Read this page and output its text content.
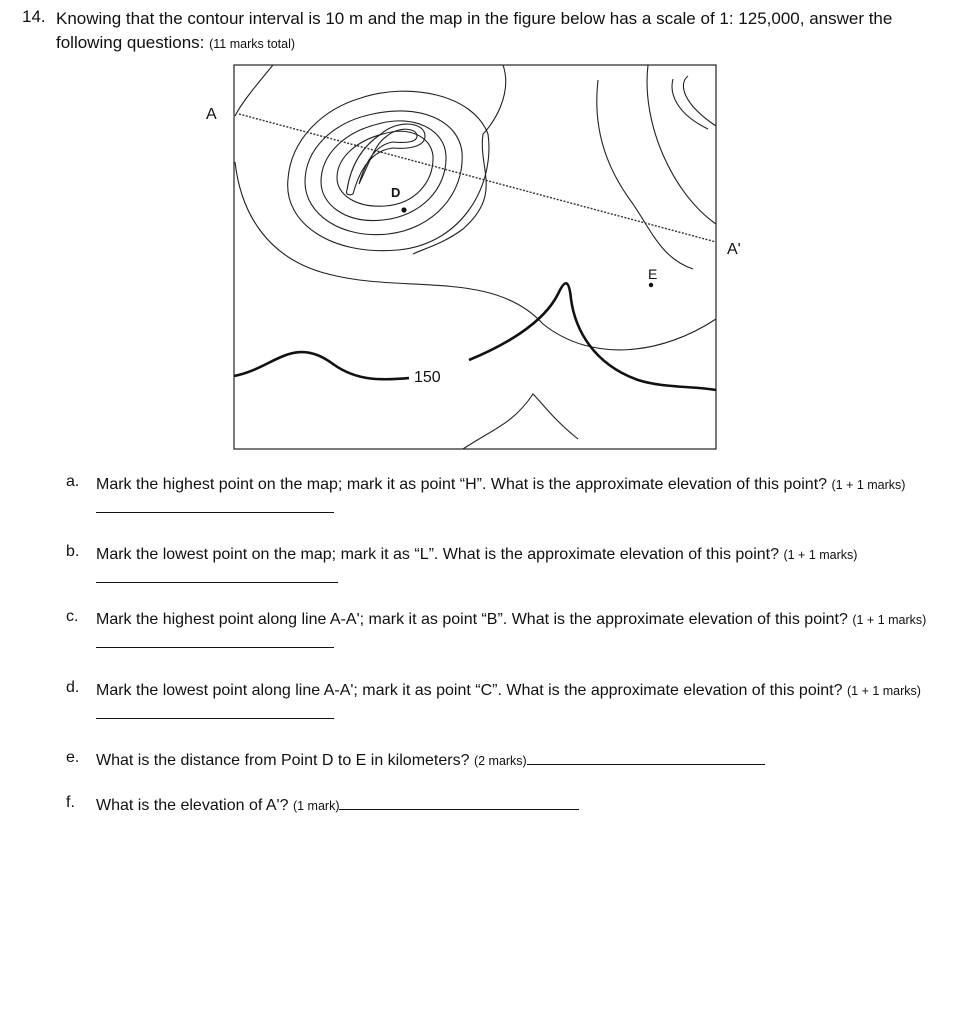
14. Knowing that the contour interval is 10 m and the map in the figure below has a scale of 1: 125,000, answer the following questions: (11 marks total)
A
A'
D
E
150
a. Mark the highest point on the map; mark it as point “H”. What is the approximate elevation of this point? (1 + 1 marks)
b. Mark the lowest point on the map; mark it as “L”. What is the approximate elevation of this point? (1 + 1 marks)
c. Mark the highest point along line A-A'; mark it as point “B”. What is the approximate elevation of this point? (1 + 1 marks)
d. Mark the lowest point along line A-A'; mark it as point “C”. What is the approximate elevation of this point? (1 + 1 marks)
e. What is the distance from Point D to E in kilometers? (2 marks)
f. What is the elevation of A'? (1 mark)
